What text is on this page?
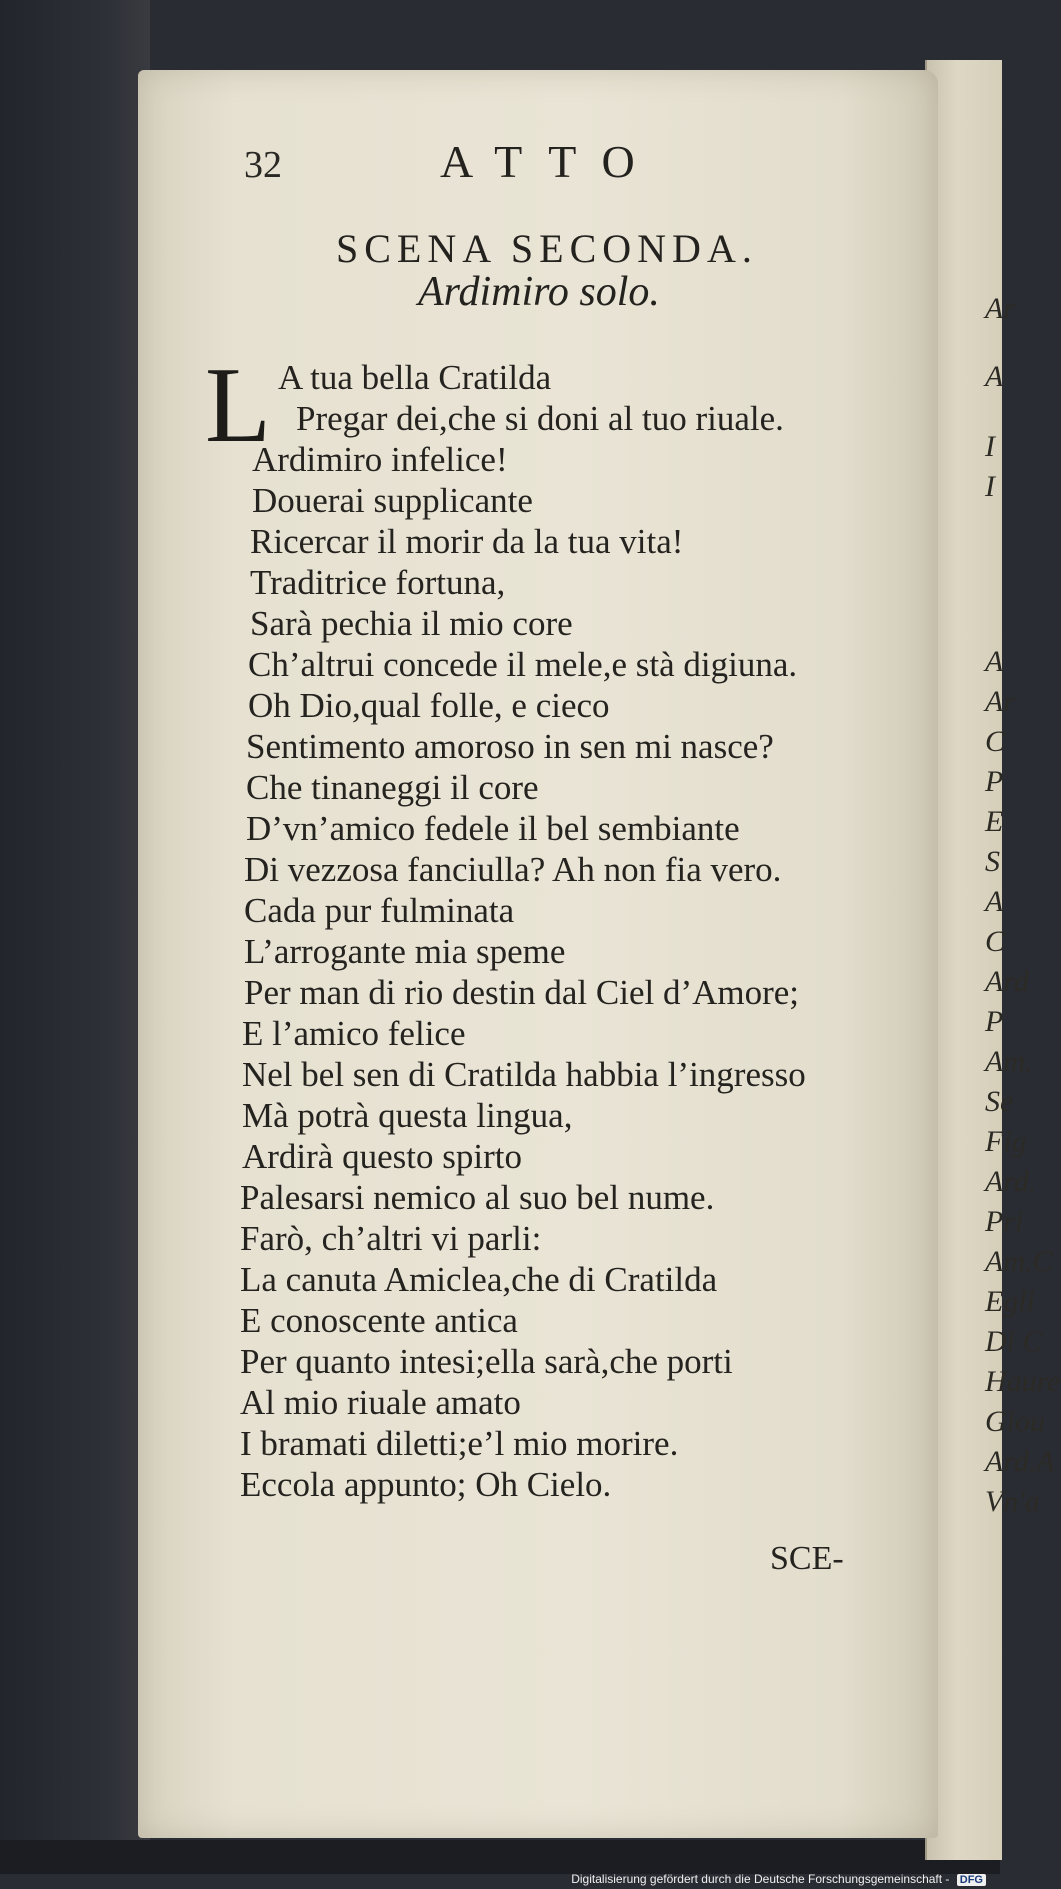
Ar
A
I
I
A
Ar
C
P
E
S
A
C
Ard
P
Am.
Se
Fig
Ard.
Pri
Am.C
Egli
Di C
Haure
Giou
Ard.A
Vn'a
32	ATTO
SCENA SECONDA.
Ardimiro solo.
L A tua bella Cratilda
Pregar dei,che si doni al tuo riuale.
Ardimiro infelice!
Douerai supplicante
Ricercar il morir da la tua vita!
Traditrice fortuna,
Sarà pechia il mio core
Ch’altrui concede il mele,e stà digiuna.
Oh Dio,qual folle, e cieco
Sentimento amoroso in sen mi nasce?
Che tinaneggi il core
D’vn’amico fedele il bel sembiante
Di vezzosa fanciulla? Ah non fia vero.
Cada pur fulminata
L’arrogante mia speme
Per man di rio destin dal Ciel d’Amore;
E l’amico felice
Nel bel sen di Cratilda habbia l’ingresso
Mà potrà questa lingua,
Ardirà questo spirto
Palesarsi nemico al suo bel nume.
Farò, ch’altri vi parli:
La canuta Amiclea,che di Cratilda
E conoscente antica
Per quanto intesi;ella sarà,che porti
Al mio riuale amato
I bramati diletti;e’l mio morire.
Eccola appunto; Oh Cielo.
SCE-
Digitalisierung gefördert durch die Deutsche Forschungsgemeinschaft - DFG
